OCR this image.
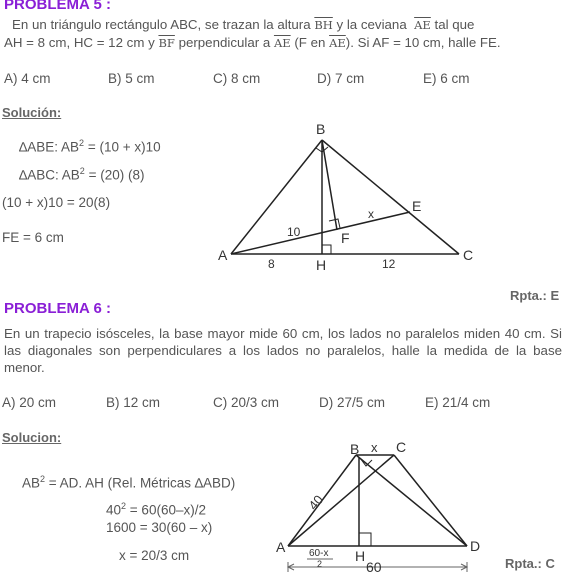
PROBLEMA 5 :
En un triángulo rectángulo ABC, se trazan la altura $\overline{BH}$ y la ceviana  $\overline{AE}$ tal que
AH = 8 cm, HC = 12 cm y $\overline{BF}$ perpendicular a $\overline{AE}$ (F en $\overline{AE}$). Si AF = 10 cm, halle FE.
A) 4 cm	B) 5 cm	C) 8 cm	D) 7 cm	E) 6 cm
Solución:
∆ABE: $AB^2 = (10 + x)10$
∆ABC: $AB^2 = (20)$ (8)
(10 + x)10 = 20(8)
FE = 6 cm
B
A	C
E
F
H
10
x
8	12
Rpta.: E
PROBLEMA 6 :
En un trapecio isósceles, la base mayor mide 60 cm, los lados no paralelos miden 40 cm. Si las diagonales son perpendiculares a los lados no paralelos, halle la medida de la base menor.
A) 20 cm	B) 12 cm	C) 20/3 cm	D) 27/5 cm	E) 21/4 cm
Solucion:
$AB^2$ = AD. AH (Rel. Métricas ∆ABD)
$40^2 = 60(60-x)/2$
1600 = 30(60 – x)
x = 20/3 cm
B x C
40
A
H
D
60-x
2	60	Rpta.: C
